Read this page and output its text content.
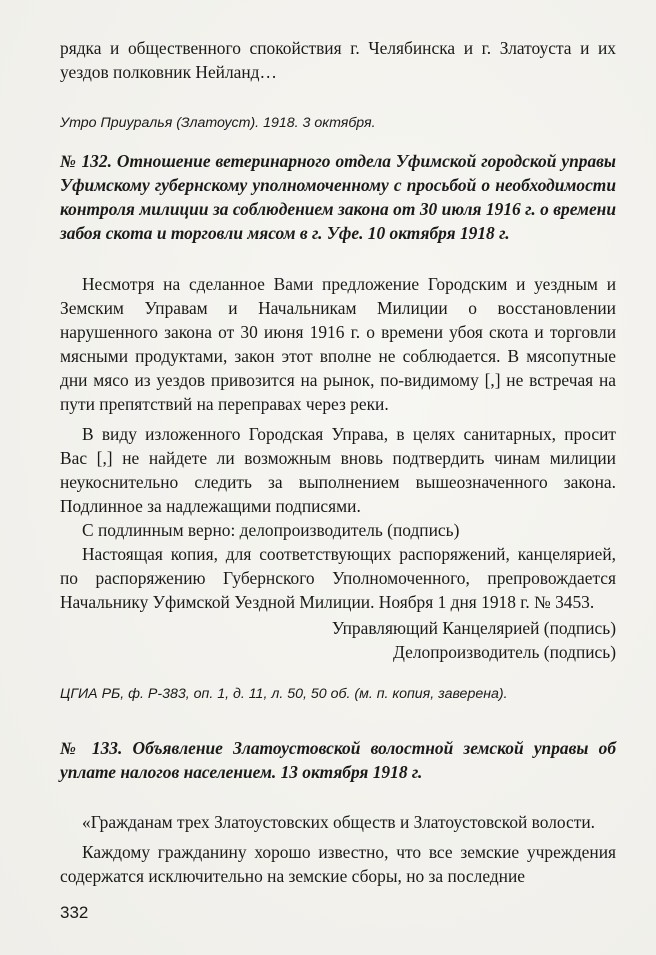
рядка и общественного спокойствия г. Челябинска и г. Златоуста и их уездов полковник Нейланд…

Утро Приуралья (Златоуст). 1918. 3 октября.

№ 132. Отношение ветеринарного отдела Уфимской городской управы Уфимскому губернскому уполномоченному с просьбой о необходимости контроля милиции за соблюдением закона от 30 июля 1916 г. о времени забоя скота и торговли мясом в г. Уфе. 10 октября 1918 г.

Несмотря на сделанное Вами предложение Городским и уездным и Земским Управам и Начальникам Милиции о восстановлении нарушенного закона от 30 июня 1916 г. о времени убоя скота и торговли мясными продуктами, закон этот вполне не соблюдается. В мясопутные дни мясо из уездов привозится на рынок, по-видимому [,] не встречая на пути препятствий на переправах через реки.

В виду изложенного Городская Управа, в целях санитарных, просит Вас [,] не найдете ли возможным вновь подтвердить чинам милиции неукоснительно следить за выполнением вышеозначенного закона. Подлинное за надлежащими подписями.

С подлинным верно: делопроизводитель (подпись)

Настоящая копия, для соответствующих распоряжений, канцелярией, по распоряжению Губернского Уполномоченного, препровождается Начальнику Уфимской Уездной Милиции. Ноября 1 дня 1918 г. № 3453.

Управляющий Канцелярией (подпись)

Делопроизводитель (подпись)

ЦГИА РБ, ф. Р-383, оп. 1, д. 11, л. 50, 50 об. (м. п. копия, заверена).

№ 133. Объявление Златоустовской волостной земской управы об уплате налогов населением. 13 октября 1918 г.

«Гражданам трех Златоустовских обществ и Златоустовской волости.

Каждому гражданину хорошо известно, что все земские учреждения содержатся исключительно на земские сборы, но за последние

332
